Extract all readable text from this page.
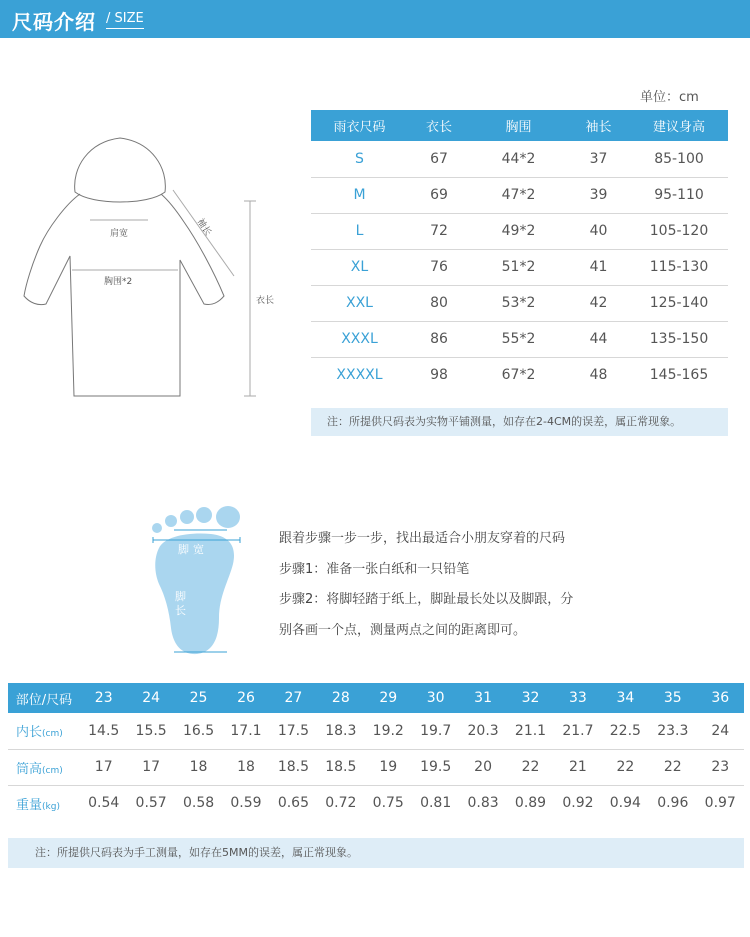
尺码介绍 / SIZE
肩宽	袖长
胸围*2
衣长
单位：cm
雨衣尺码	衣长	胸围	袖长	建议身高
S	67	44*2	37	85-100
M	69	47*2	39	95-110
L	72	49*2	40	105-120
XL	76	51*2	41	115-130
XXL	80	53*2	42	125-140
XXXL	86	55*2	44	135-150
XXXXL	98	67*2	48	145-165
注：所提供尺码表为实物平铺测量，如存在2-4CM的误差，属正常现象。
脚宽
脚长
跟着步骤一步一步，找出最适合小朋友穿着的尺码
步骤1：准备一张白纸和一只铅笔
步骤2：将脚轻踏于纸上，脚趾最长处以及脚跟，分
别各画一个点，测量两点之间的距离即可。
部位/尺码	23	24	25	26	27	28	29	30	31	32	33	34	35	36
内长(cm)	14.5	15.5	16.5	17.1	17.5	18.3	19.2	19.7	20.3	21.1	21.7	22.5	23.3	24
筒高(cm)	17	17	18	18	18.5	18.5	19	19.5	20	22	21	22	22	23
重量(kg)	0.54	0.57	0.58	0.59	0.65	0.72	0.75	0.81	0.83	0.89	0.92	0.94	0.96	0.97
注：所提供尺码表为手工测量，如存在5MM的误差，属正常现象。
